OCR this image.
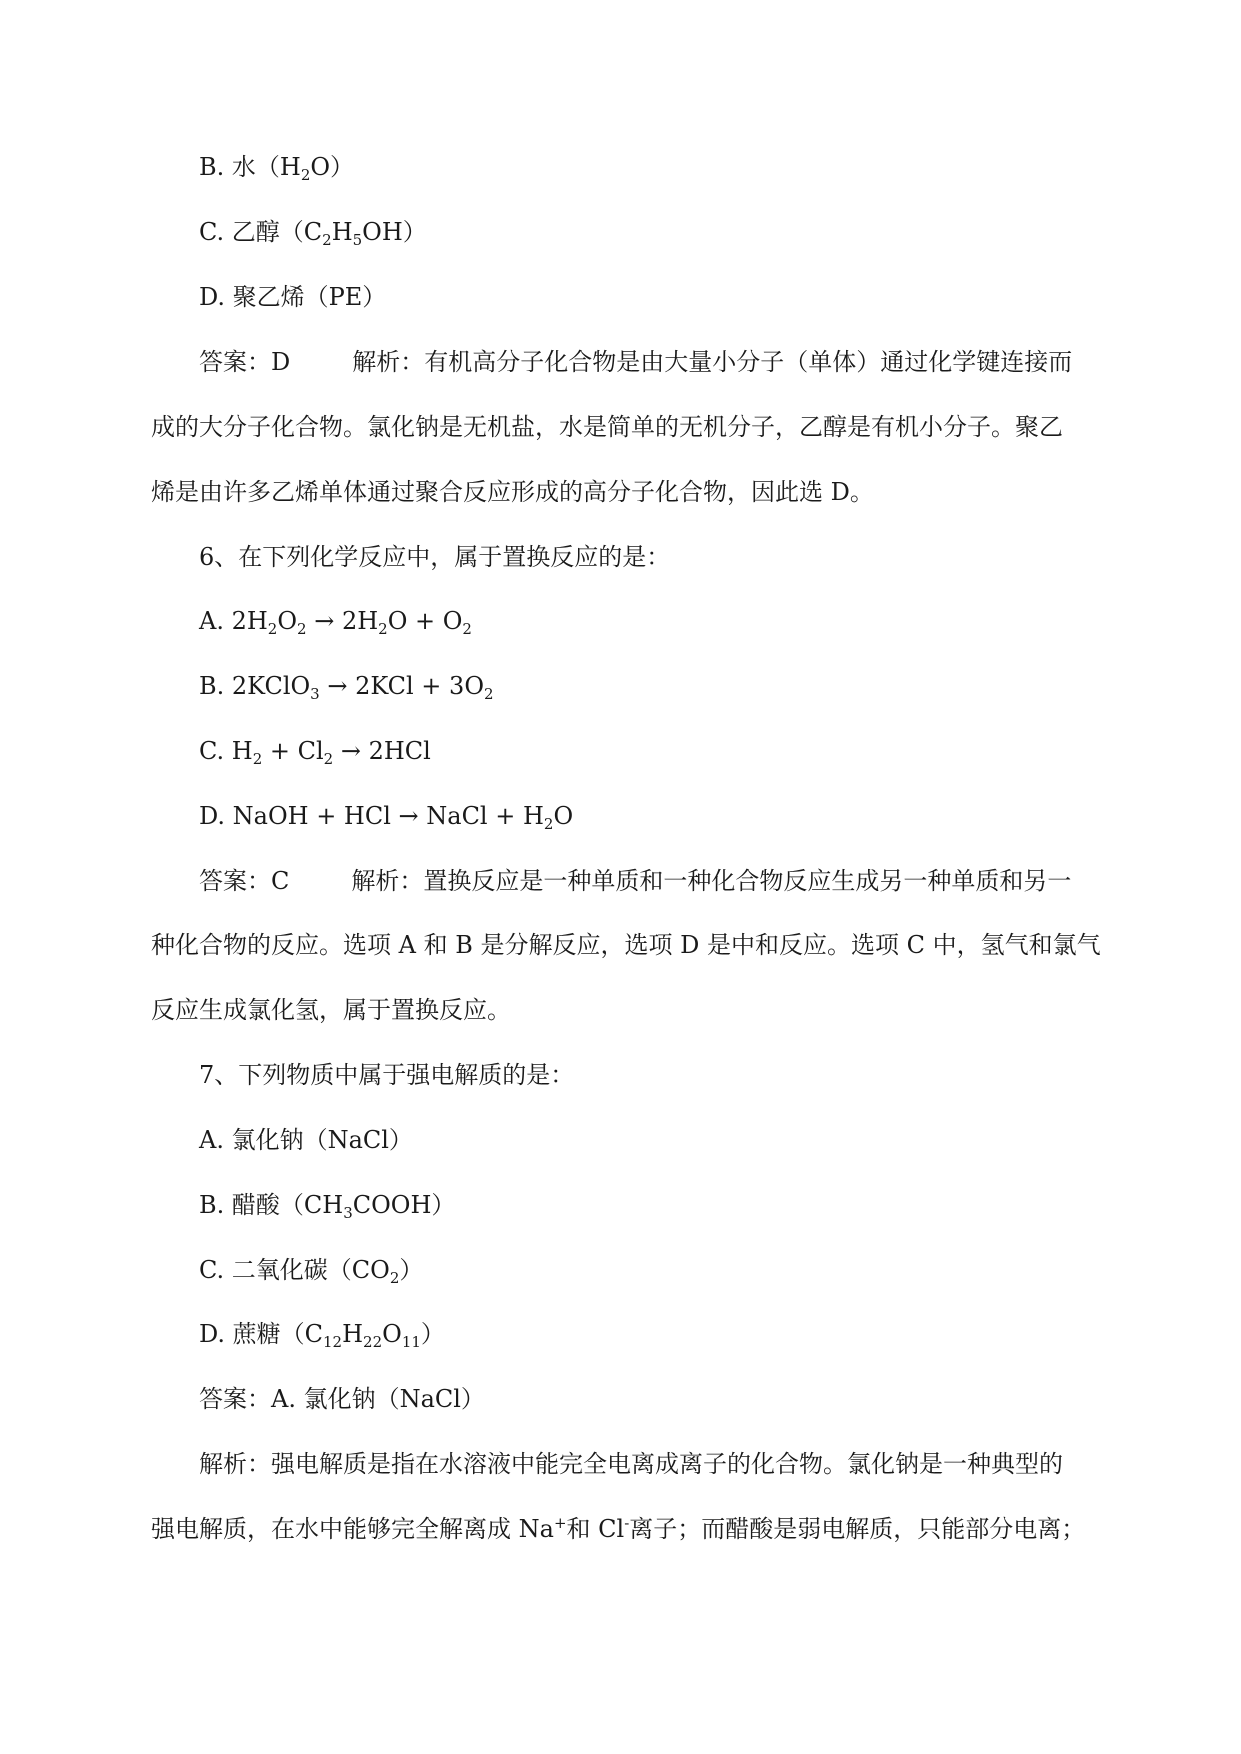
B. 水$(H_2O)$
C. 乙醇$(C_2H_5OH)$
D. 聚乙烯（PE）
答案：D	解析：有机高分子化合物是由大量小分子（单体）通过化学键连接而
成的大分子化合物。氯化钠是无机盐，水是简单的无机分子，乙醇是有机小分子。聚乙
烯是由许多乙烯单体通过聚合反应形成的高分子化合物，因此选 D。
6、在下列化学反应中，属于置换反应的是：
A. $2H_2O_2 \to 2H_2O + O_2$
B. 2KClO$_3$ → $2KCl + 3O_2$
C. $H_2 + Cl_2 \to 2HCl$
D. NaOH + HCl → NaCl + $H_2O$
答案：C	解析：置换反应是一种单质和一种化合物反应生成另一种单质和另一
种化合物的反应。选项 A 和 B 是分解反应，选项 D 是中和反应。选项 C 中，氢气和氯气
反应生成氯化氢，属于置换反应。
7、下列物质中属于强电解质的是：
A. 氯化钠（NaCl）
B. 醋酸$(CH_3COOH)$
C. 二氧化碳$(CO_2)$
D. 蔗糖$(C_{12}H_{22}O_{11})$
答案：A. 氯化钠（NaCl）
解析：强电解质是指在水溶液中能完全电离成离子的化合物。氯化钠是一种典型的
强电解质，在水中能够完全解离成 Na+和 Cl-离子；而醋酸是弱电解质，只能部分电离；
